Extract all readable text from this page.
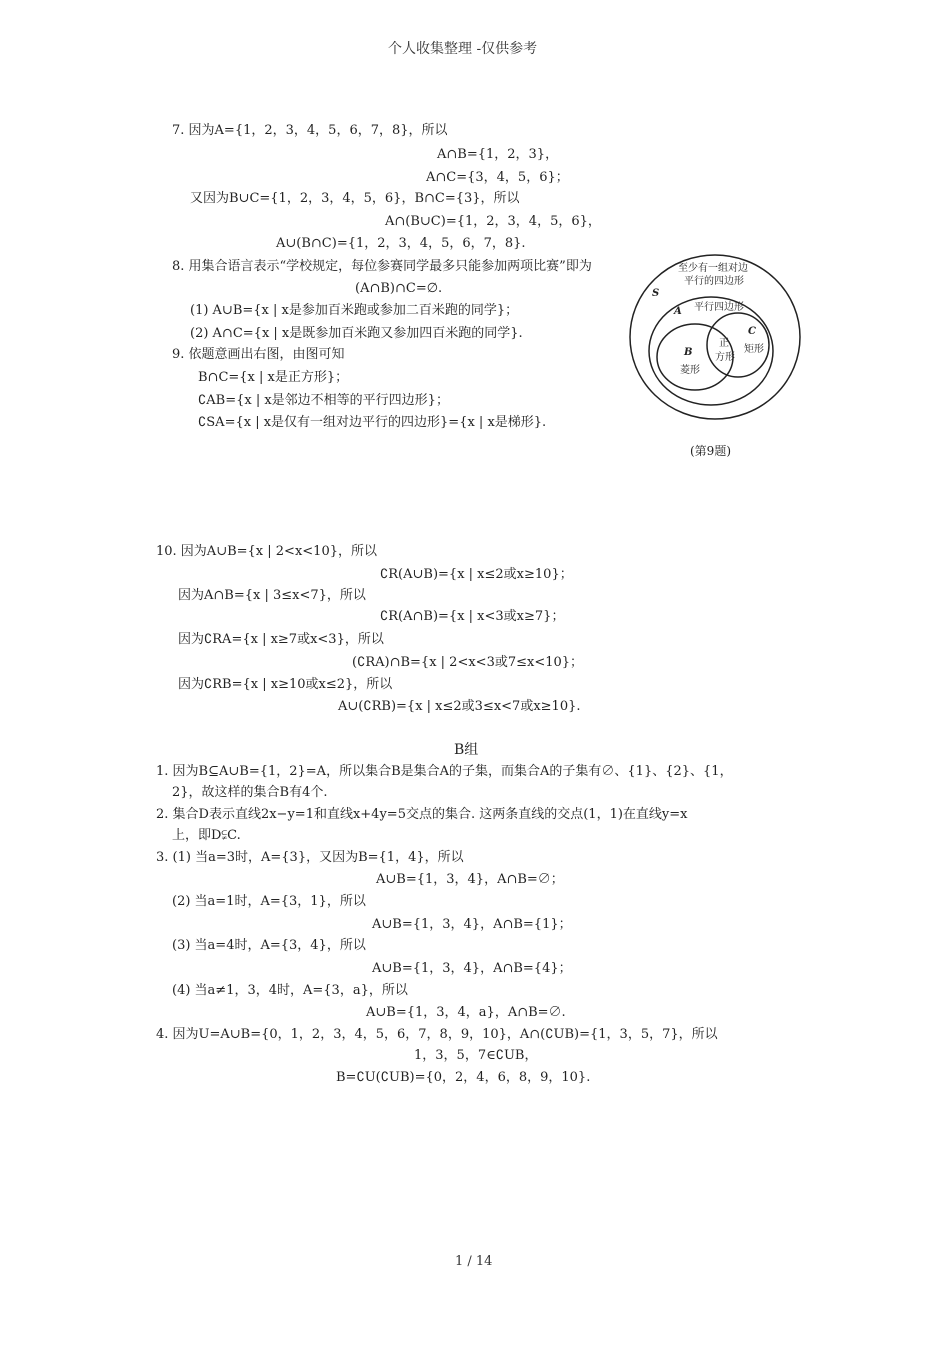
个人收集整理 -仅供参考
7. 因为A={1，2，3，4，5，6，7，8}，所以
A∩B={1，2，3}，
A∩C={3，4，5，6}；
又因为B∪C={1，2，3，4，5，6}，B∩C={3}，所以
A∩(B∪C)={1，2，3，4，5，6}，
A∪(B∩C)={1，2，3，4，5，6，7，8}.
8. 用集合语言表示“学校规定，每位参赛同学最多只能参加两项比赛”即为
(A∩B)∩C=∅.
(1) A∪B={x | x是参加百米跑或参加二百米跑的同学}；
(2) A∩C={x | x是既参加百米跑又参加四百米跑的同学}.
9. 依题意画出右图，由图可知
B∩C={x | x是正方形}；
∁AB={x | x是邻边不相等的平行四边形}；
∁SA={x | x是仅有一组对边平行的四边形}={x | x是梯形}.
至少有一组对边
平行的四边形
S
A 平行四边形
C
矩形
B
菱形
正
方形
(第9题)
10. 因为A∪B={x | 2<x<10}，所以
∁R(A∪B)={x | x≤2或x≥10}；
因为A∩B={x | 3≤x<7}，所以
∁R(A∩B)={x | x<3或x≥7}；
因为∁RA={x | x≥7或x<3}，所以
(∁RA)∩B={x | 2<x<3或7≤x<10}；
因为∁RB={x | x≥10或x≤2}，所以
A∪(∁RB)={x | x≤2或3≤x<7或x≥10}.
B组
1. 因为B⊆A∪B={1，2}=A，所以集合B是集合A的子集，而集合A的子集有∅、{1}、{2}、{1，
2}，故这样的集合B有4个.
2. 集合D表示直线2x−y=1和直线x+4y=5交点的集合. 这两条直线的交点(1，1)在直线y=x
上，即D⫋C.
3. (1) 当a=3时，A={3}，又因为B={1，4}，所以
A∪B={1，3，4}，A∩B=∅；
(2) 当a=1时，A={3，1}，所以
A∪B={1，3，4}，A∩B={1}；
(3) 当a=4时，A={3，4}，所以
A∪B={1，3，4}，A∩B={4}；
(4) 当a≠1，3，4时，A={3，a}，所以
A∪B={1，3，4，a}，A∩B=∅.
4. 因为U=A∪B={0，1，2，3，4，5，6，7，8，9，10}，A∩(∁UB)={1，3，5，7}，所以
1，3，5，7∈∁UB，
B=∁U(∁UB)={0，2，4，6，8，9，10}.
1 / 14
